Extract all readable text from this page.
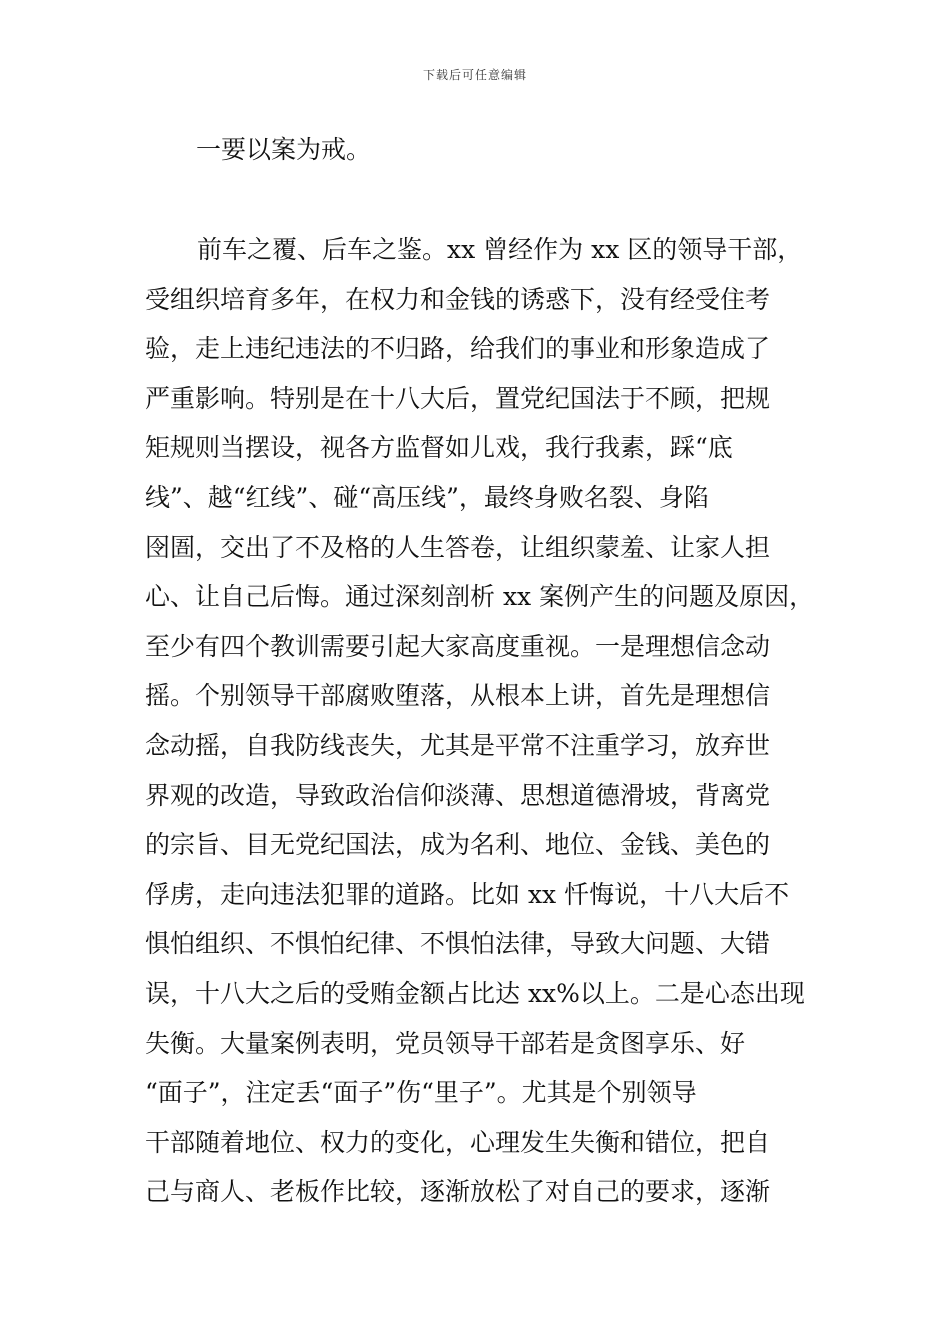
下载后可任意编辑
一要以案为戒。
前车之覆、后车之鉴。xx 曾经作为 xx 区的领导干部，
受组织培育多年，在权力和金钱的诱惑下，没有经受住考
验，走上违纪违法的不归路，给我们的事业和形象造成了
严重影响。特别是在十八大后，置党纪国法于不顾，把规
矩规则当摆设，视各方监督如儿戏，我行我素，踩“底
线”、越“红线”、碰“高压线”，最终身败名裂、身陷
囹圄，交出了不及格的人生答卷，让组织蒙羞、让家人担
心、让自己后悔。通过深刻剖析 xx 案例产生的问题及原因，
至少有四个教训需要引起大家高度重视。一是理想信念动
摇。个别领导干部腐败堕落，从根本上讲，首先是理想信
念动摇，自我防线丧失，尤其是平常不注重学习，放弃世
界观的改造，导致政治信仰淡薄、思想道德滑坡，背离党
的宗旨、目无党纪国法，成为名利、地位、金钱、美色的
俘虏，走向违法犯罪的道路。比如 xx 忏悔说，十八大后不
惧怕组织、不惧怕纪律、不惧怕法律，导致大问题、大错
误，十八大之后的受贿金额占比达 xx%以上。二是心态出现
失衡。大量案例表明，党员领导干部若是贪图享乐、好
“面子”，注定丢“面子”伤“里子”。尤其是个别领导
干部随着地位、权力的变化，心理发生失衡和错位，把自
己与商人、老板作比较，逐渐放松了对自己的要求，逐渐
